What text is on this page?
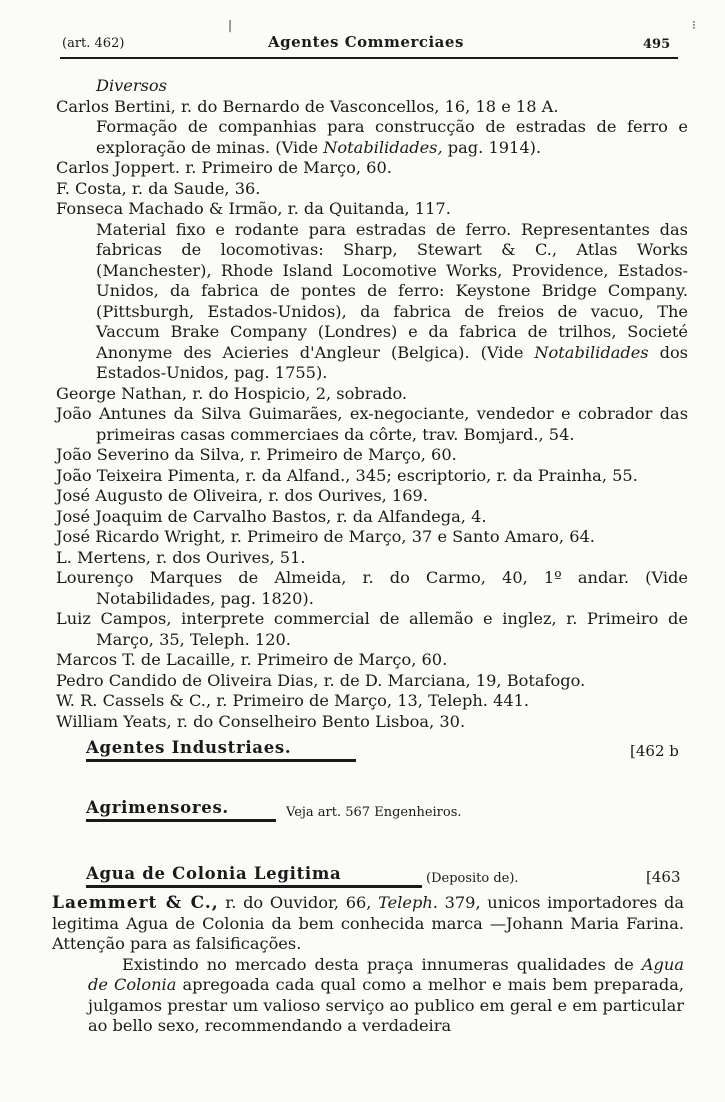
(art. 462)	Agentes Commerciaes	495
Diversos
Carlos Bertini, r. do Bernardo de Vasconcellos, 16, 18 e 18 A.
Formação de companhias para construcção de estradas de ferro e exploração de minas. (Vide Notabilidades, pag. 1914).
Carlos Joppert. r. Primeiro de Março, 60.
F. Costa, r. da Saude, 36.
Fonseca Machado & Irmão, r. da Quitanda, 117.
Material fixo e rodante para estradas de ferro. Representantes das fabricas de locomotivas: Sharp, Stewart & C., Atlas Works (Manchester), Rhode Island Locomotive Works, Providence, Estados-Unidos, da fabrica de pontes de ferro: Keystone Bridge Company. (Pittsburgh, Estados-Unidos), da fabrica de freios de vacuo, The Vaccum Brake Company (Londres) e da fabrica de trilhos, Societé Anonyme des Acieries d'Angleur (Belgica). (Vide Notabilidades dos Estados-Unidos, pag. 1755).
George Nathan, r. do Hospicio, 2, sobrado.
João Antunes da Silva Guimarães, ex-negociante, vendedor e cobrador das primeiras casas commerciaes da côrte, trav. Bomjard., 54.
João Severino da Silva, r. Primeiro de Março, 60.
João Teixeira Pimenta, r. da Alfand., 345; escriptorio, r. da Prainha, 55.
José Augusto de Oliveira, r. dos Ourives, 169.
José Joaquim de Carvalho Bastos, r. da Alfandega, 4.
José Ricardo Wright, r. Primeiro de Março, 37 e Santo Amaro, 64.
L. Mertens, r. dos Ourives, 51.
Lourenço Marques de Almeida, r. do Carmo, 40, 1º andar. (Vide Notabilidades, pag. 1820).
Luiz Campos, interprete commercial de allemão e inglez, r. Primeiro de Março, 35, Teleph. 120.
Marcos T. de Lacaille, r. Primeiro de Março, 60.
Pedro Candido de Oliveira Dias, r. de D. Marciana, 19, Botafogo.
W. R. Cassels & C., r. Primeiro de Março, 13, Teleph. 441.
William Yeats, r. do Conselheiro Bento Lisboa, 30.
Agentes Industriaes.	[462 b
Agrimensores.	Veja art. 567 Engenheiros.
Agua de Colonia Legitima	(Deposito de).	[463
Laemmert & C., r. do Ouvidor, 66, Teleph. 379, unicos importadores da legitima Agua de Colonia da bem conhecida marca —Johann Maria Farina. Attenção para as falsificações.
Existindo no mercado desta praça innumeras qualidades de Agua de Colonia apregoada cada qual como a melhor e mais bem preparada, julgamos prestar um valioso serviço ao publico em geral e em particular ao bello sexo, recommendando a verdadeira
|	⁝
